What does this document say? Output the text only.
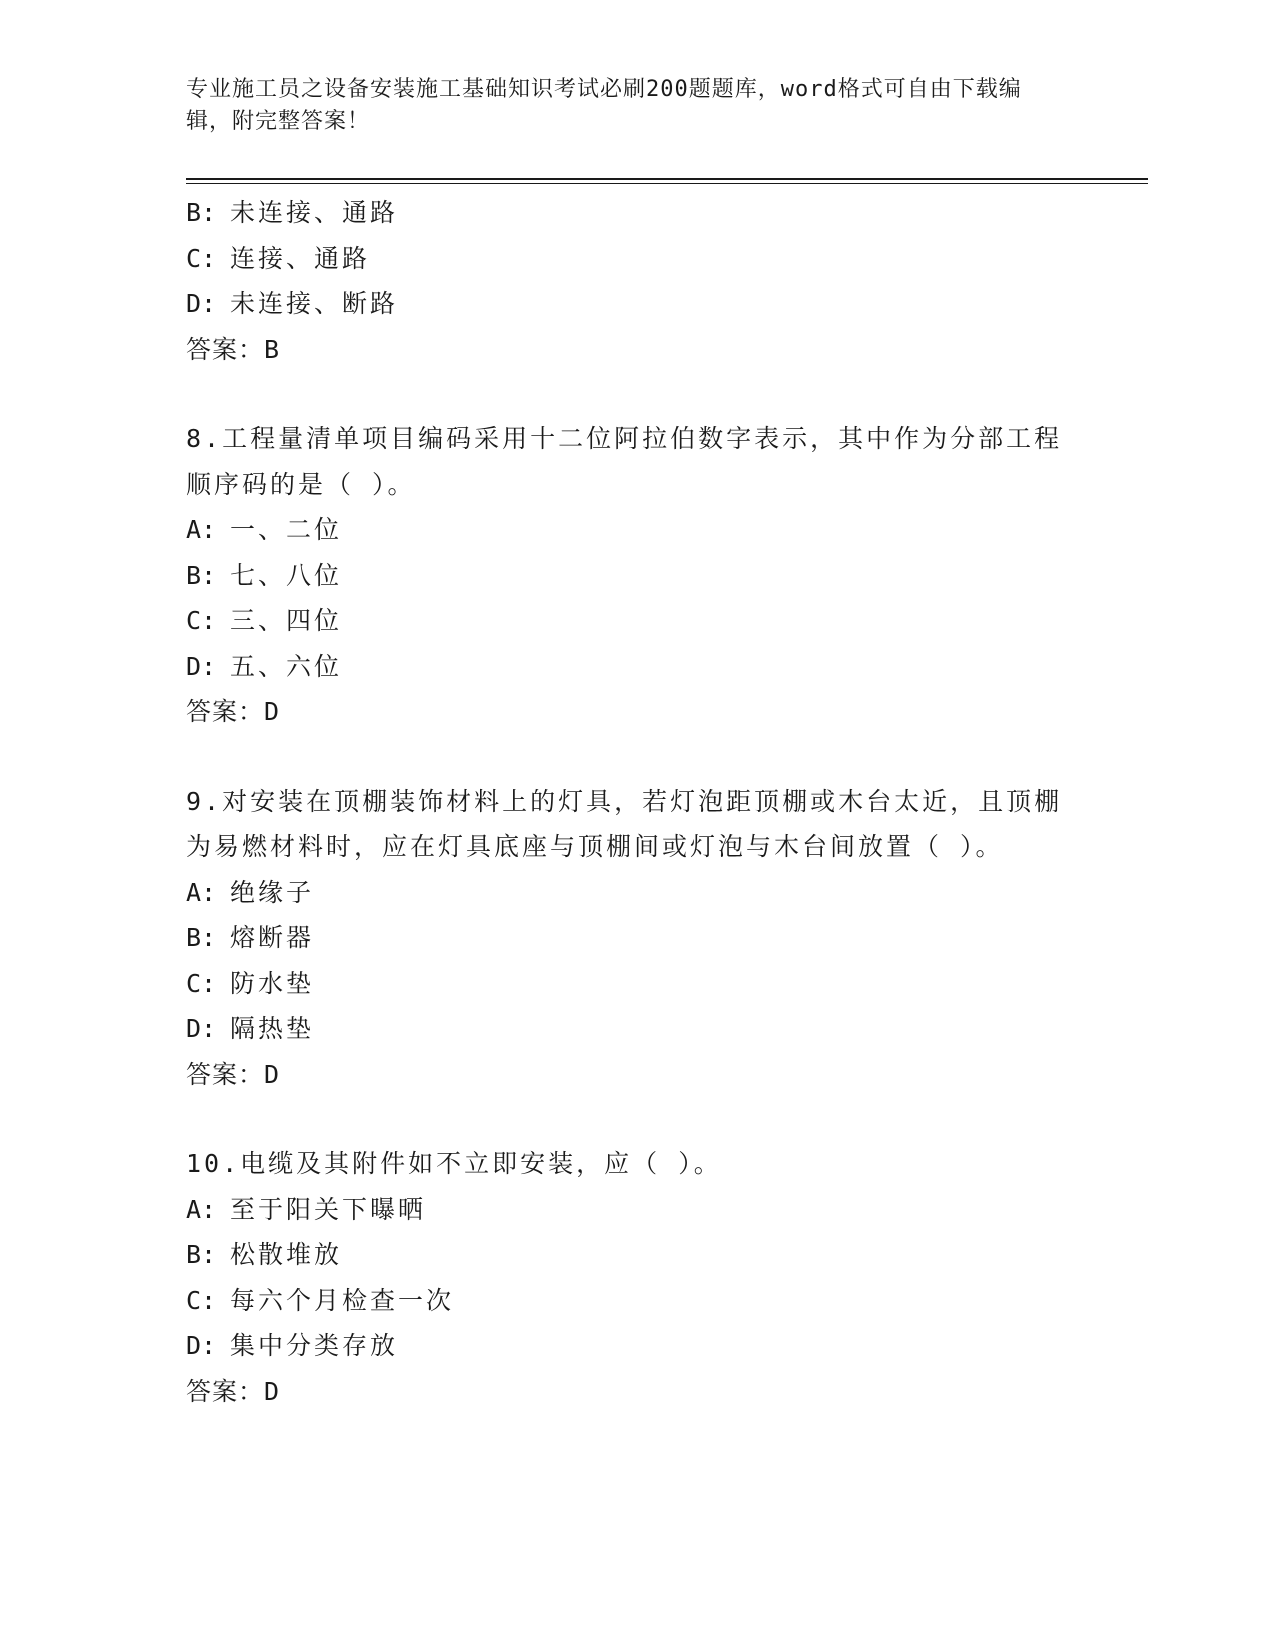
专业施工员之设备安装施工基础知识考试必刷200题题库，word格式可自由下载编辑，附完整答案！
B: 未连接、通路
C: 连接、通路
D: 未连接、断路
答案：B
8.工程量清单项目编码采用十二位阿拉伯数字表示，其中作为分部工程顺序码的是（ ）。
A: 一、二位
B: 七、八位
C: 三、四位
D: 五、六位
答案：D
9.对安装在顶棚装饰材料上的灯具，若灯泡距顶棚或木台太近，且顶棚为易燃材料时，应在灯具底座与顶棚间或灯泡与木台间放置（ ）。
A: 绝缘子
B: 熔断器
C: 防水垫
D: 隔热垫
答案：D
10.电缆及其附件如不立即安装，应（ ）。
A: 至于阳关下曝晒
B: 松散堆放
C: 每六个月检查一次
D: 集中分类存放
答案：D
